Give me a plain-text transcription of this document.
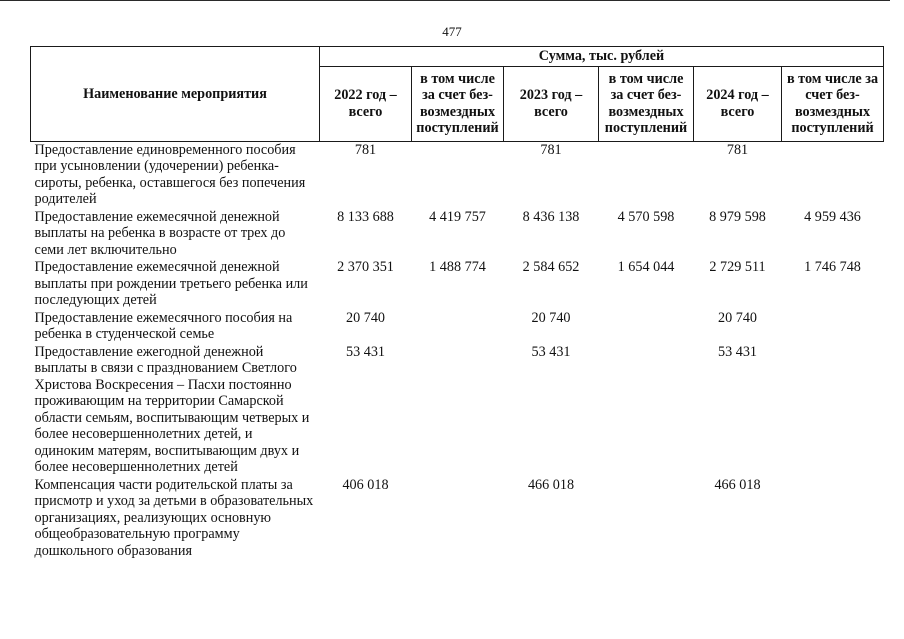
477
Наименование мероприятия	Сумма, тыс. рублей					
	2022 год – всего	в том числе за счет без-возмездных поступлений	2023 год – всего	в том числе за счет без-возмездных поступлений	2024 год – всего	в том числе за счет без-возмездных поступлений
Предоставление единовременного пособия при усыновлении (удочерении) ребенка-сироты, ребенка, оставшегося без попечения родителей	781		781		781	
Предоставление ежемесячной денежной выплаты на ребенка в возрасте от трех до семи лет включительно	8 133 688	4 419 757	8 436 138	4 570 598	8 979 598	4 959 436
Предоставление ежемесячной денежной выплаты при рождении третьего ребенка или последующих детей	2 370 351	1 488 774	2 584 652	1 654 044	2 729 511	1 746 748
Предоставление ежемесячного пособия на ребенка в студенческой семье	20 740		20 740		20 740	
Предоставление ежегодной денежной выплаты в связи с празднованием Светлого Христова Воскресения – Пасхи постоянно проживающим на территории Самарской области семьям, воспитывающим четверых и более несовершеннолетних детей, и одиноким матерям, воспитывающим двух и более несовершеннолетних детей	53 431		53 431		53 431	
Компенсация части родительской платы за присмотр и уход за детьми в образовательных организациях, реализующих основную общеобразовательную программу дошкольного образования	406 018		466 018		466 018	
